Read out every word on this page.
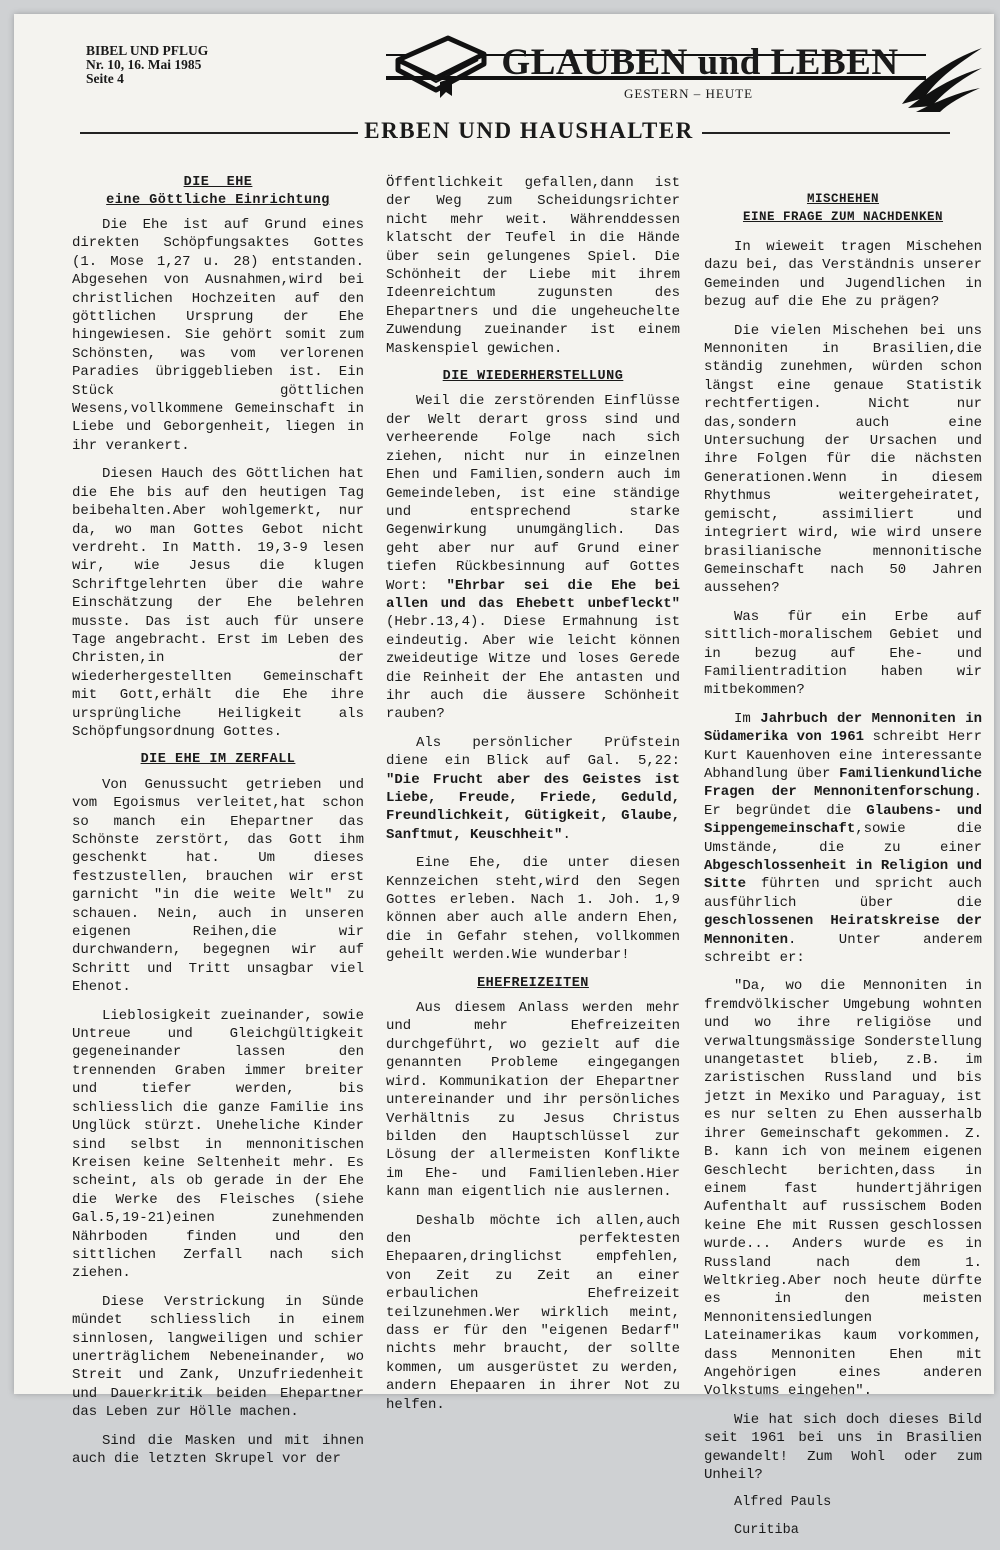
BIBEL UND PFLUG
Nr. 10, 16. Mai 1985
Seite 4	GLAUBEN und LEBEN
GESTERN – HEUTE
ERBEN UND HAUSHALTER
DIE  EHE
eine Göttliche Einrichtung

Die Ehe ist auf Grund eines direkten Schöpfungsaktes Gottes (1. Mose 1,27 u. 28) entstanden. Abgesehen von Ausnahmen,wird bei christlichen Hochzeiten auf den göttlichen Ursprung der Ehe hingewiesen. Sie gehört somit zum Schönsten, was vom verlorenen Paradies übriggeblieben ist. Ein Stück göttlichen Wesens,vollkommene Gemeinschaft in Liebe und Geborgenheit, liegen in ihr verankert.

Diesen Hauch des Göttlichen hat die Ehe bis auf den heutigen Tag beibehalten.Aber wohlgemerkt, nur da, wo man Gottes Gebot nicht verdreht. In Matth. 19,3-9 lesen wir, wie Jesus die klugen Schriftgelehrten über die wahre Einschätzung der Ehe belehren musste. Das ist auch für unsere Tage angebracht. Erst im Leben des Christen,in der wiederhergestellten Gemeinschaft mit Gott,erhält die Ehe ihre ursprüngliche Heiligkeit als Schöpfungsordnung Gottes.

DIE EHE IM ZERFALL

Von Genussucht getrieben und vom Egoismus verleitet,hat schon so manch ein Ehepartner das Schönste zerstört, das Gott ihm geschenkt hat. Um dieses festzustellen, brauchen wir erst garnicht "in die weite Welt" zu schauen. Nein, auch in unseren eigenen Reihen,die wir durchwandern, begegnen wir auf Schritt und Tritt unsagbar viel Ehenot.

Lieblosigkeit zueinander, sowie Untreue und Gleichgültigkeit gegeneinander lassen den trennenden Graben immer breiter und tiefer werden, bis schliesslich die ganze Familie ins Unglück stürzt. Uneheliche Kinder sind selbst in mennonitischen Kreisen keine Seltenheit mehr. Es scheint, als ob gerade in der Ehe die Werke des Fleisches (siehe Gal.5,19-21)einen zunehmenden Nährboden finden und den sittlichen Zerfall nach sich ziehen.

Diese Verstrickung in Sünde mündet schliesslich in einem sinnlosen, langweiligen und schier unerträglichem Nebeneinander, wo Streit und Zank, Unzufriedenheit und Dauerkritik beiden Ehepartner das Leben zur Hölle machen.

Sind die Masken und mit ihnen auch die letzten Skrupel vor der

Öffentlichkeit gefallen,dann ist der Weg zum Scheidungsrichter nicht mehr weit. Währenddessen klatscht der Teufel in die Hände über sein gelungenes Spiel. Die Schönheit der Liebe mit ihrem Ideenreichtum zugunsten des Ehepartners und die ungeheuchelte Zuwendung zueinander ist einem Maskenspiel gewichen.

DIE WIEDERHERSTELLUNG

Weil die zerstörenden Einflüsse der Welt derart gross sind und verheerende Folge nach sich ziehen, nicht nur in einzelnen Ehen und Familien,sondern auch im Gemeindeleben, ist eine ständige und entsprechend starke Gegenwirkung unumgänglich. Das geht aber nur auf Grund einer tiefen Rückbesinnung auf Gottes Wort: "Ehrbar sei die Ehe bei allen und das Ehebett unbefleckt" (Hebr.13,4). Diese Ermahnung ist eindeutig. Aber wie leicht können zweideutige Witze und loses Gerede die Reinheit der Ehe antasten und ihr auch die äussere Schönheit rauben?

Als persönlicher Prüfstein diene ein Blick auf Gal. 5,22: "Die Frucht aber des Geistes ist Liebe, Freude, Friede, Geduld, Freundlichkeit, Gütigkeit, Glaube, Sanftmut, Keuschheit".

Eine Ehe, die unter diesen Kennzeichen steht,wird den Segen Gottes erleben. Nach 1. Joh. 1,9 können aber auch alle andern Ehen, die in Gefahr stehen, vollkommen geheilt werden.Wie wunderbar!

EHEFREIZEITEN

Aus diesem Anlass werden mehr und mehr Ehefreizeiten durchgeführt, wo gezielt auf die genannten Probleme eingegangen wird. Kommunikation der Ehepartner untereinander und ihr persönliches Verhältnis zu Jesus Christus bilden den Hauptschlüssel zur Lösung der allermeisten Konflikte im Ehe- und Familienleben.Hier kann man eigentlich nie auslernen.

Deshalb möchte ich allen,auch den perfektesten Ehepaaren,dringlichst empfehlen, von Zeit zu Zeit an einer erbaulichen Ehefreizeit teilzunehmen.Wer wirklich meint, dass er für den "eigenen Bedarf" nichts mehr braucht, der sollte kommen, um ausgerüstet zu werden, andern Ehepaaren in ihrer Not zu helfen.

MISCHEHEN
EINE FRAGE ZUM NACHDENKEN

In wieweit tragen Mischehen dazu bei, das Verständnis unserer Gemeinden und Jugendlichen in bezug auf die Ehe zu prägen?

Die vielen Mischehen bei uns Mennoniten in Brasilien,die ständig zunehmen, würden schon längst eine genaue Statistik rechtfertigen. Nicht nur das,sondern auch eine Untersuchung der Ursachen und ihre Folgen für die nächsten Generationen.Wenn in diesem Rhythmus weitergeheiratet, gemischt, assimiliert und integriert wird, wie wird unsere brasilianische mennonitische Gemeinschaft nach 50 Jahren aussehen?

Was für ein Erbe auf sittlich-moralischem Gebiet und in bezug auf Ehe- und Familientradition haben wir mitbekommen?

Im Jahrbuch der Mennoniten in Südamerika von 1961 schreibt Herr Kurt Kauenhoven eine interessante Abhandlung über Familienkundliche Fragen der Mennonitenforschung. Er begründet die Glaubens- und Sippengemeinschaft,sowie die Umstände, die zu einer Abgeschlossenheit in Religion und Sitte führten und spricht auch ausführlich über die geschlossenen Heiratskreise der Mennoniten. Unter anderem schreibt er:

"Da, wo die Mennoniten in fremdvölkischer Umgebung wohnten und wo ihre religiöse und verwaltungsmässige Sonderstellung unangetastet blieb, z.B. im zaristischen Russland und bis jetzt in Mexiko und Paraguay, ist es nur selten zu Ehen ausserhalb ihrer Gemeinschaft gekommen. Z. B. kann ich von meinem eigenen Geschlecht berichten,dass in einem fast hundertjährigen Aufenthalt auf russischem Boden keine Ehe mit Russen geschlossen wurde... Anders wurde es in Russland nach dem 1. Weltkrieg.Aber noch heute dürfte es in den meisten Mennonitensiedlungen Lateinamerikas kaum vorkommen, dass Mennoniten Ehen mit Angehörigen eines anderen Volkstums eingehen".

Wie hat sich doch dieses Bild seit 1961 bei uns in Brasilien gewandelt! Zum Wohl oder zum Unheil?

Alfred Pauls

Curitiba
